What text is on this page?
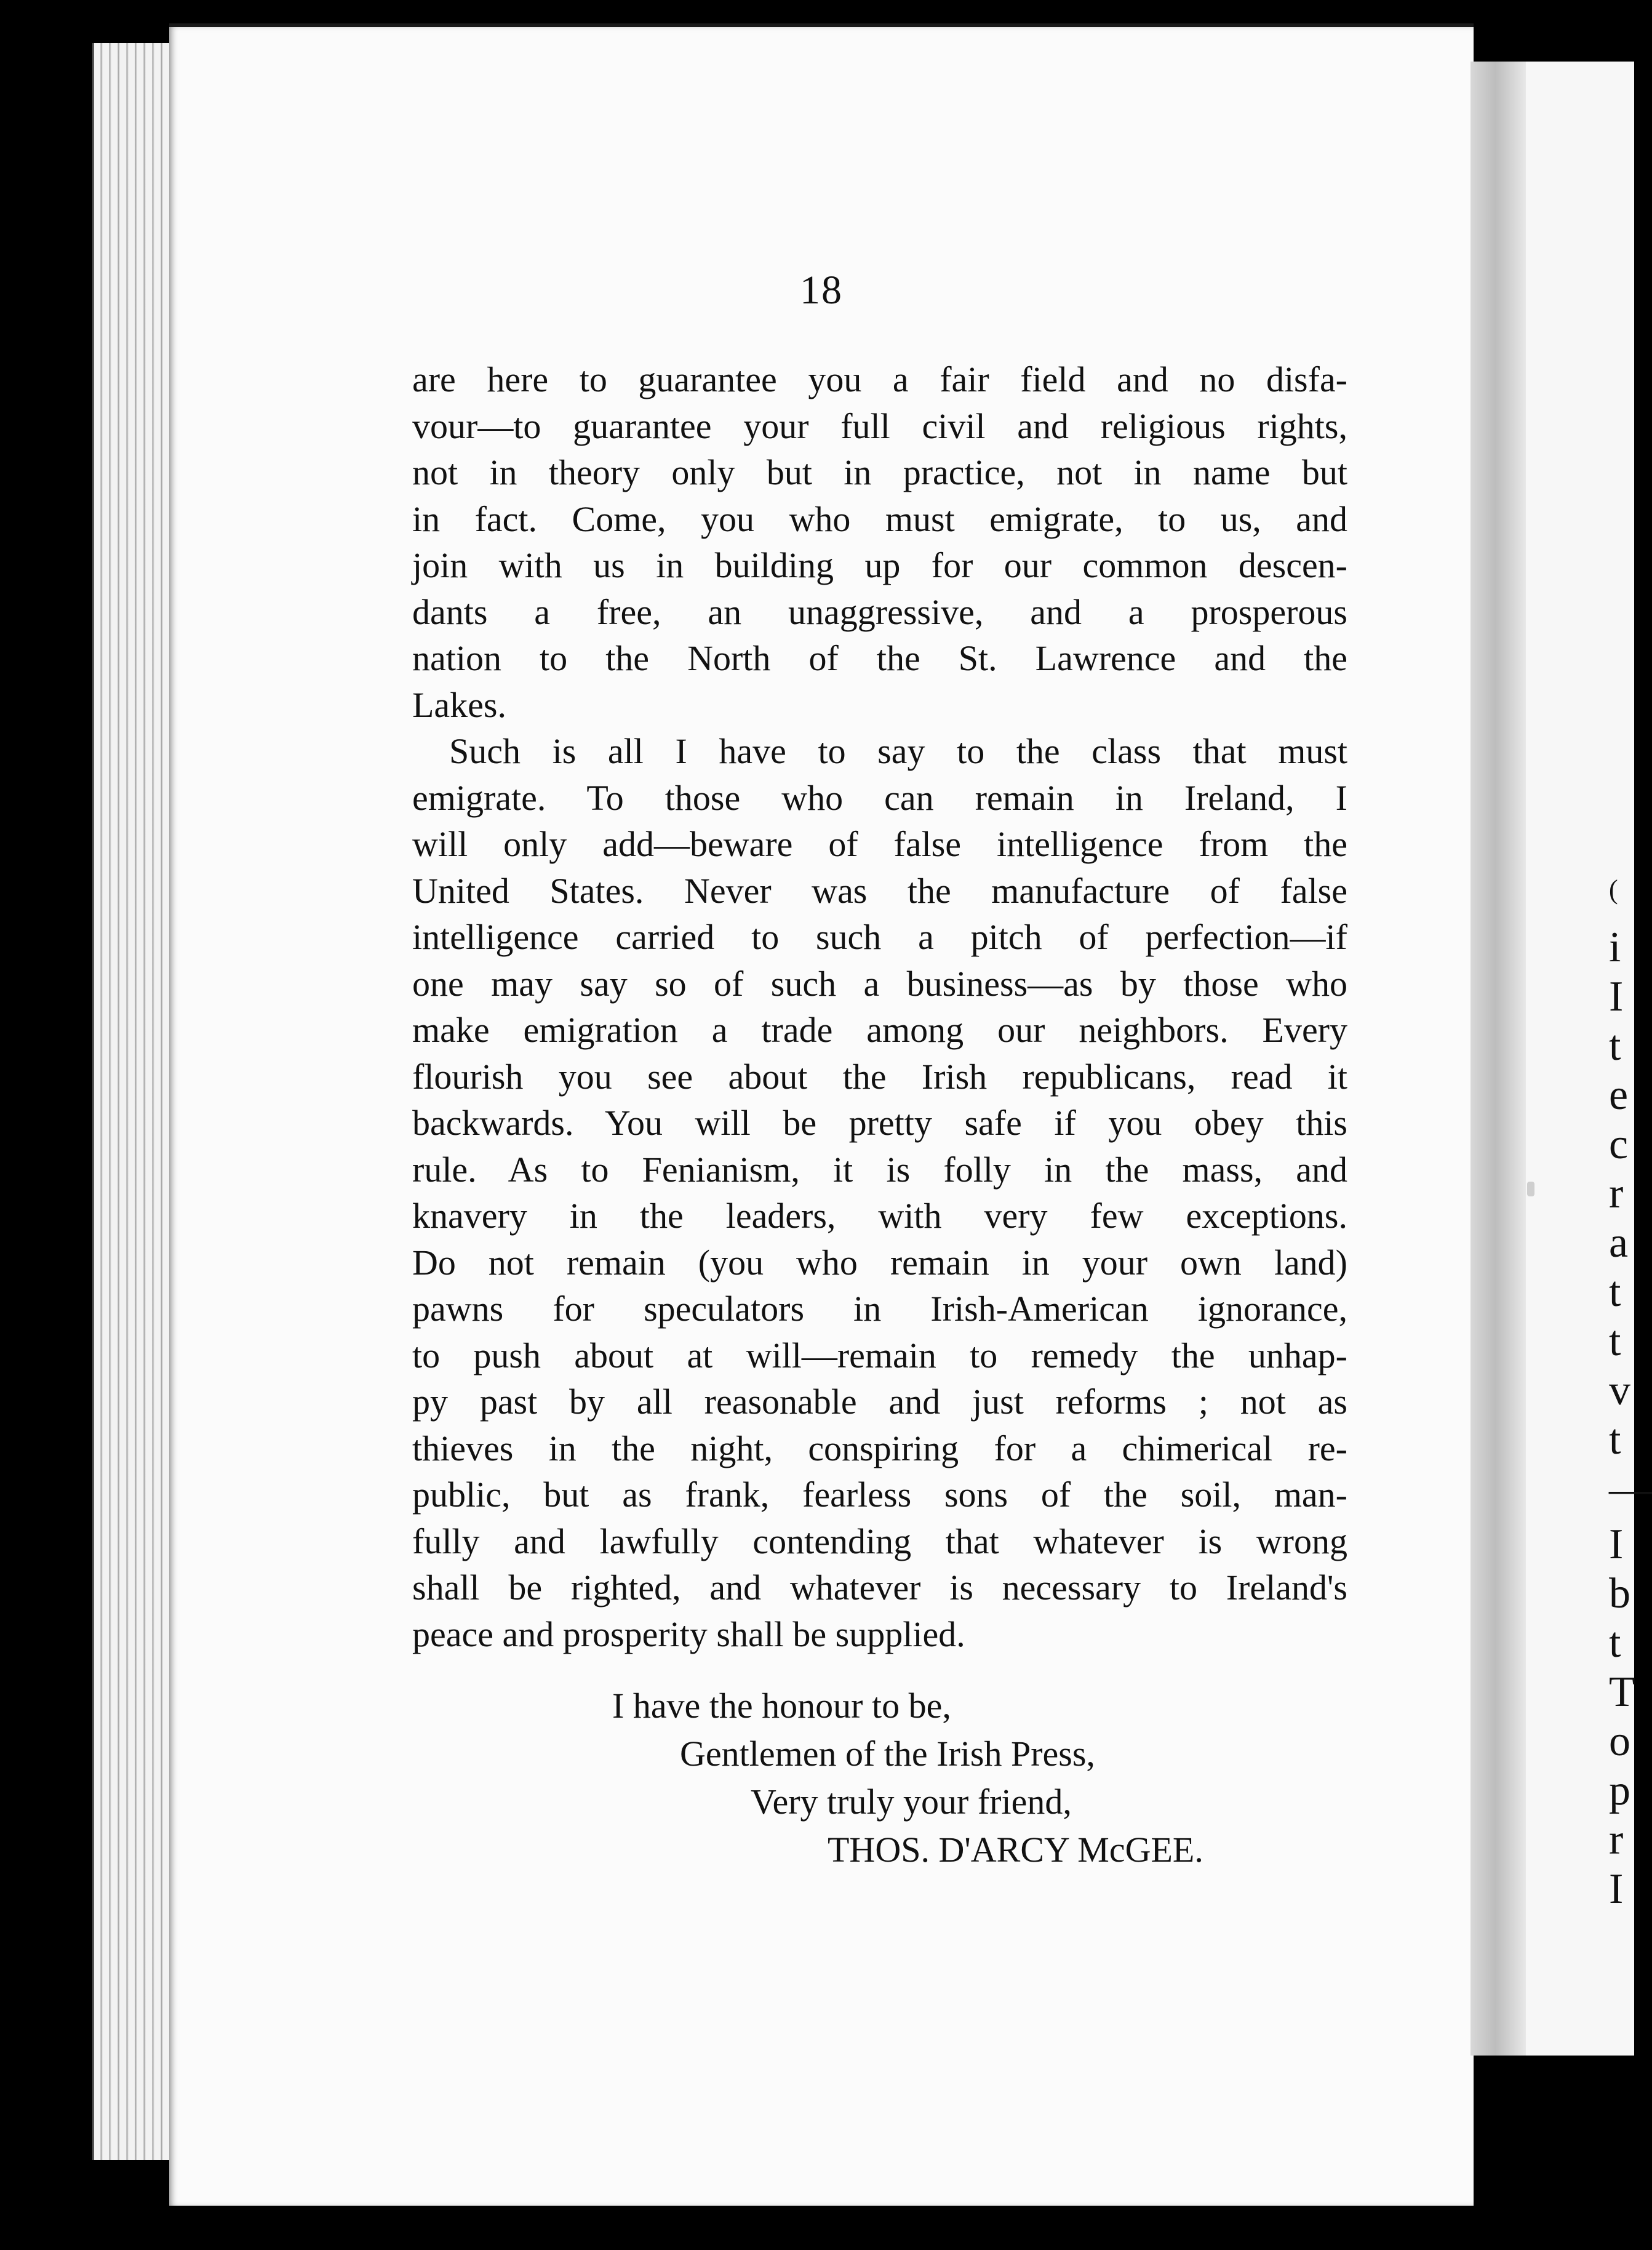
18
are here to guarantee you a fair field and no disfa-
vour—to guarantee your full civil and religious rights,
not in theory only but in practice, not in name but
in fact. Come, you who must emigrate, to us, and
join with us in building up for our common descen-
dants a free, an unaggressive, and a prosperous
nation to the North of the St. Lawrence and the
Lakes.
Such is all I have to say to the class that must
emigrate. To those who can remain in Ireland, I
will only add—beware of false intelligence from the
United States. Never was the manufacture of false
intelligence carried to such a pitch of perfection—if
one may say so of such a business—as by those who
make emigration a trade among our neighbors. Every
flourish you see about the Irish republicans, read it
backwards. You will be pretty safe if you obey this
rule. As to Fenianism, it is folly in the mass, and
knavery in the leaders, with very few exceptions.
Do not remain (you who remain in your own land)
pawns for speculators in Irish-American ignorance,
to push about at will—remain to remedy the unhap-
py past by all reasonable and just reforms ; not as
thieves in the night, conspiring for a chimerical re-
public, but as frank, fearless sons of the soil, man-
fully and lawfully contending that whatever is wrong
shall be righted, and whatever is necessary to Ireland's
peace and prosperity shall be supplied.
I have the honour to be,
Gentlemen of the Irish Press,
Very truly your friend,
THOS. D'ARCY McGEE.
(
i
I
t
e
c
r
a
t
t
v
t
—
I
b
t
T
o
p
r
I
